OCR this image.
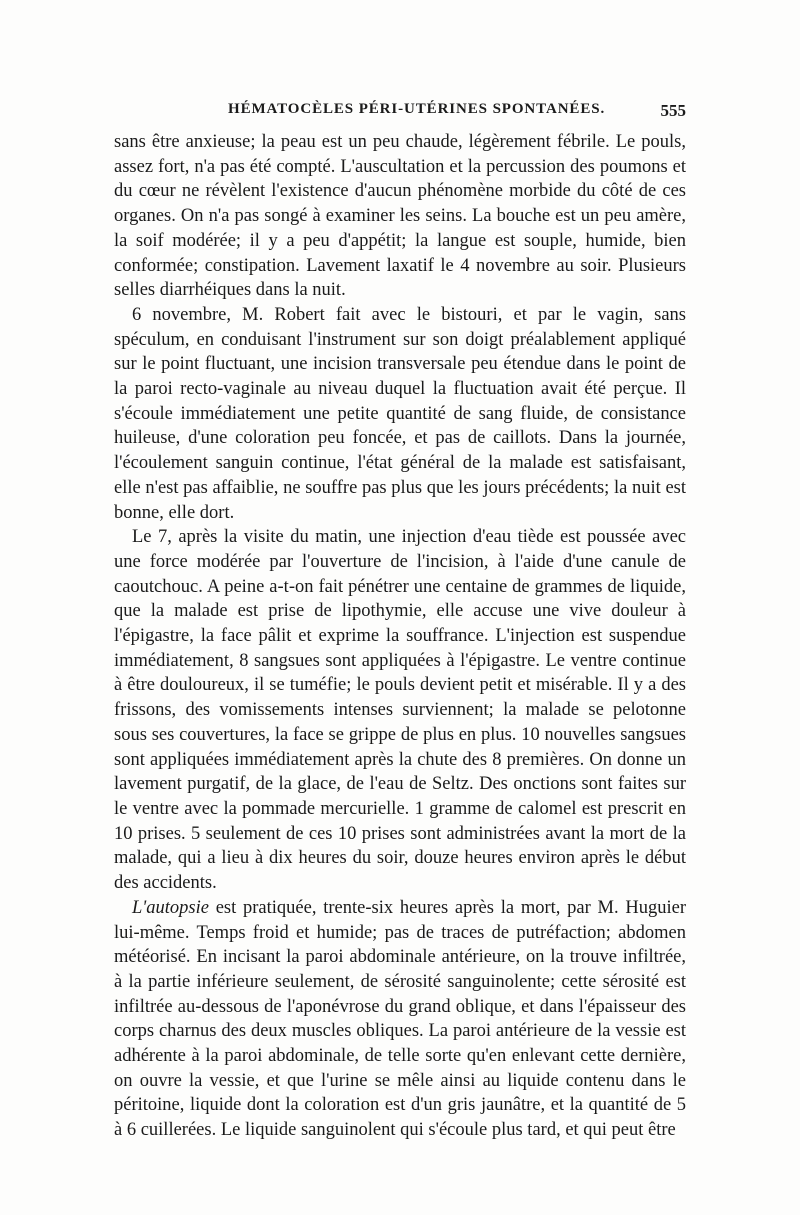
HÉMATOCÈLES PÉRI-UTÉRINES SPONTANÉES.	555

sans être anxieuse; la peau est un peu chaude, légèrement fébrile. Le pouls, assez fort, n'a pas été compté. L'auscultation et la percussion des poumons et du cœur ne révèlent l'existence d'aucun phénomène morbide du côté de ces organes. On n'a pas songé à examiner les seins. La bouche est un peu amère, la soif modérée; il y a peu d'appétit; la langue est souple, humide, bien conformée; constipation. Lavement laxatif le 4 novembre au soir. Plusieurs selles diarrhéiques dans la nuit.

6 novembre, M. Robert fait avec le bistouri, et par le vagin, sans spéculum, en conduisant l'instrument sur son doigt préalablement appliqué sur le point fluctuant, une incision transversale peu étendue dans le point de la paroi recto-vaginale au niveau duquel la fluctuation avait été perçue. Il s'écoule immédiatement une petite quantité de sang fluide, de consistance huileuse, d'une coloration peu foncée, et pas de caillots. Dans la journée, l'écoulement sanguin continue, l'état général de la malade est satisfaisant, elle n'est pas affaiblie, ne souffre pas plus que les jours précédents; la nuit est bonne, elle dort.

Le 7, après la visite du matin, une injection d'eau tiède est poussée avec une force modérée par l'ouverture de l'incision, à l'aide d'une canule de caoutchouc. A peine a-t-on fait pénétrer une centaine de grammes de liquide, que la malade est prise de lipothymie, elle accuse une vive douleur à l'épigastre, la face pâlit et exprime la souffrance. L'injection est suspendue immédiatement, 8 sangsues sont appliquées à l'épigastre. Le ventre continue à être douloureux, il se tuméfie; le pouls devient petit et misérable. Il y a des frissons, des vomissements intenses surviennent; la malade se pelotonne sous ses couvertures, la face se grippe de plus en plus. 10 nouvelles sangsues sont appliquées immédiatement après la chute des 8 premières. On donne un lavement purgatif, de la glace, de l'eau de Seltz. Des onctions sont faites sur le ventre avec la pommade mercurielle. 1 gramme de calomel est prescrit en 10 prises. 5 seulement de ces 10 prises sont administrées avant la mort de la malade, qui a lieu à dix heures du soir, douze heures environ après le début des accidents.

L'autopsie est pratiquée, trente-six heures après la mort, par M. Huguier lui-même. Temps froid et humide; pas de traces de putréfaction; abdomen météorisé. En incisant la paroi abdominale antérieure, on la trouve infiltrée, à la partie inférieure seulement, de sérosité sanguinolente; cette sérosité est infiltrée au-dessous de l'aponévrose du grand oblique, et dans l'épaisseur des corps charnus des deux muscles obliques. La paroi antérieure de la vessie est adhérente à la paroi abdominale, de telle sorte qu'en enlevant cette dernière, on ouvre la vessie, et que l'urine se mêle ainsi au liquide contenu dans le péritoine, liquide dont la coloration est d'un gris jaunâtre, et la quantité de 5 à 6 cuillerées. Le liquide sanguinolent qui s'écoule plus tard, et qui peut être
